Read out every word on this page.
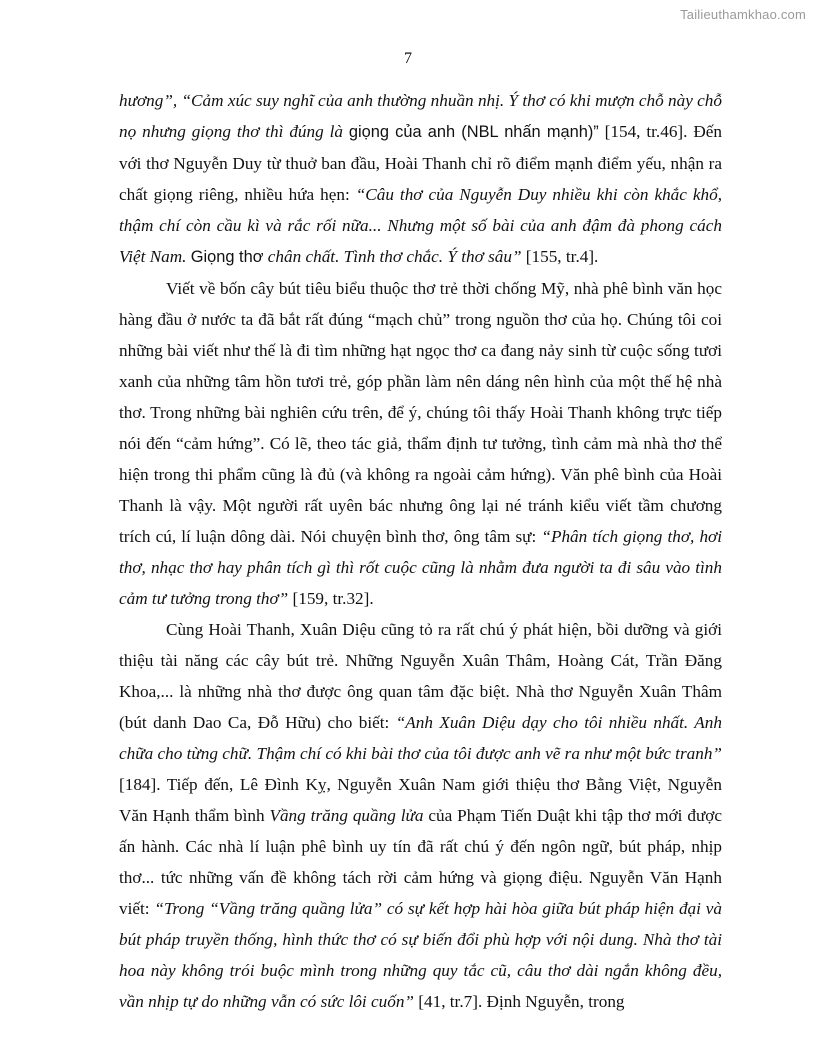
Tailieuthamkhao.com
7

hương”, “Cảm xúc suy nghĩ của anh thường nhuần nhị. Ý thơ có khi mượn chỗ này chỗ nọ nhưng giọng thơ thì đúng là giọng của anh (NBL nhấn mạnh)” [154, tr.46]. Đến với thơ Nguyễn Duy từ thuở ban đầu, Hoài Thanh chỉ rõ điểm mạnh điểm yếu, nhận ra chất giọng riêng, nhiều hứa hẹn: “Câu thơ của Nguyễn Duy nhiều khi còn khắc khổ, thậm chí còn cầu kì và rắc rối nữa... Nhưng một số bài của anh đậm đà phong cách Việt Nam. Giọng thơ chân chất. Tình thơ chắc. Ý thơ sâu” [155, tr.4].

Viết về bốn cây bút tiêu biểu thuộc thơ trẻ thời chống Mỹ, nhà phê bình văn học hàng đầu ở nước ta đã bắt rất đúng “mạch chủ” trong nguồn thơ của họ. Chúng tôi coi những bài viết như thế là đi tìm những hạt ngọc thơ ca đang nảy sinh từ cuộc sống tươi xanh của những tâm hồn tươi trẻ, góp phần làm nên dáng nên hình của một thế hệ nhà thơ. Trong những bài nghiên cứu trên, để ý, chúng tôi thấy Hoài Thanh không trực tiếp nói đến “cảm hứng”. Có lẽ, theo tác giả, thẩm định tư tưởng, tình cảm mà nhà thơ thể hiện trong thi phẩm cũng là đủ (và không ra ngoài cảm hứng). Văn phê bình của Hoài Thanh là vậy. Một người rất uyên bác nhưng ông lại né tránh kiểu viết tầm chương trích cú, lí luận dông dài. Nói chuyện bình thơ, ông tâm sự: “Phân tích giọng thơ, hơi thơ, nhạc thơ hay phân tích gì thì rốt cuộc cũng là nhằm đưa người ta đi sâu vào tình cảm tư tưởng trong thơ” [159, tr.32].

Cùng Hoài Thanh, Xuân Diệu cũng tỏ ra rất chú ý phát hiện, bồi dưỡng và giới thiệu tài năng các cây bút trẻ. Những Nguyễn Xuân Thâm, Hoàng Cát, Trần Đăng Khoa,... là những nhà thơ được ông quan tâm đặc biệt. Nhà thơ Nguyễn Xuân Thâm (bút danh Dao Ca, Đỗ Hữu) cho biết: “Anh Xuân Diệu dạy cho tôi nhiều nhất. Anh chữa cho từng chữ. Thậm chí có khi bài thơ của tôi được anh vẽ ra như một bức tranh” [184]. Tiếp đến, Lê Đình Kỵ, Nguyễn Xuân Nam giới thiệu thơ Bằng Việt, Nguyễn Văn Hạnh thẩm bình Vầng trăng quầng lửa của Phạm Tiến Duật khi tập thơ mới được ấn hành. Các nhà lí luận phê bình uy tín đã rất chú ý đến ngôn ngữ, bút pháp, nhịp thơ... tức những vấn đề không tách rời cảm hứng và giọng điệu. Nguyễn Văn Hạnh viết: “Trong “Vầng trăng quầng lửa” có sự kết hợp hài hòa giữa bút pháp hiện đại và bút pháp truyền thống, hình thức thơ có sự biến đổi phù hợp với nội dung. Nhà thơ tài hoa này không trói buộc mình trong những quy tắc cũ, câu thơ dài ngắn không đều, vần nhịp tự do những vẫn có sức lôi cuốn” [41, tr.7]. Định Nguyễn, trong
